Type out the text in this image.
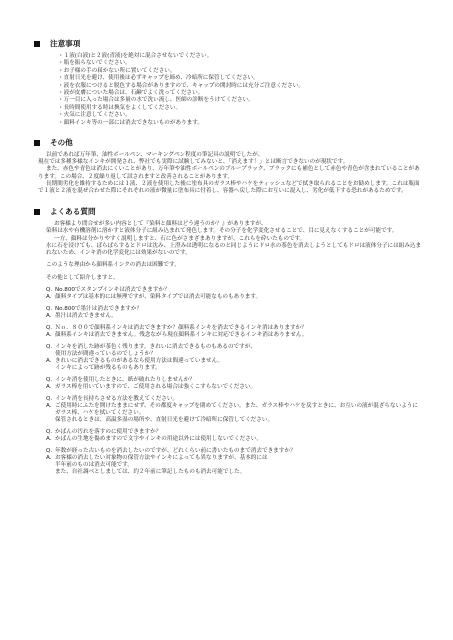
注意事項
・ １液(白液)と２液(青液)を絶対に混合させないでください。
・ 瓶を振らないでください。
・ お子様の手の届かない所に置いてください。
・ 直射日光を避け、使用後は必ずキャップを締め、冷暗所に保管してください。
・ 液を衣服につけると脱色する場合がありますので、キャップの開封時には充分ご注意ください。
・ 液が皮膚についた場合は、石鹸でよく洗ってください。
・ 万一目に入った場合は多量の水で洗い流し、医師の診断をうけてください。
・ 長時間使用する時は換気をよくしてください。
・ 火気に注意してください。
・ 顔料インキ等の一部には消去できないものがあります。
その他

以前であれば万年筆、油性ボールペン、マーキングペン程度の筆記具の説明でしたが、

現在では多種多様なインキが開発され、弊社でも実際に試験してみないと、「消えます！」とは断言できないのが現状です。

また、赤色や青色は消去にくいことがあり、万年筆や油性ボールペンのブルーブラック、ブラックにも補色として赤色や青色が含まれていることがあります。この場合、２度繰り返して試されますと改善されることがあります。

長期間劣化を維持するためには１液、２液を使用した後に塗布具のガラス棒やハケをティッシュなどで拭き取られることをお勧めします。これは瓶面で１液と２液を混ぜ合わせた際にそれぞれの液が微量に塗布具に付着し、容器へ戻した際にお互いに混入し、劣化が低下する恐れがあるためです。

よくある質問

お客様より問合せが多い内容として『染料と顔料はどう違うのか？』がありますが、

染料は水や有機溶剤に溶かすと液体分子に組み込まれて発色します。その分子を化学変化させることで、目に見えなくすることが可能です。

一方、顔料は分かりやすく説明しますと、石に色がさまざまありますが、これらを砕いたものです。

水に石を浸けても、ばらばらするとドロは沈み、上澄みは透明になるのと同じようにドロ水の茶色を消去しようとしてもドロは液体分子には組み込まれないため、インキ消の化学変化には効果がないのです。

このような理由から顔料系インクの消去は困難です。

その他として紹介しますと、

Q． No.800でスタンプインキは消去できますか？
A． 顔料タイプは基本的には無理ですが、染料タイプでは消去可能なものもあります。
Q． No.800で墨汁は消去できますか？
A． 墨汁は消去できません。
Q． Ｎｏ．８００で顔料系インキは消去できますか？顔料系インキを消去できるインキ消はありますか？
A． 顔料系インキは消去できません。残念ながら現在顔料系インキに対応できるインキ消はありません。
Q． インキを消した跡が茶色く残ります。きれいに消去できるものもあるのですが、
使用方法が間違っているのでしょうか？
A． きれいに消去できるものがあるなら使用方法は間違っていません。
インキによって跡が残るものもあります。
Q． インキ消を使用したときに、紙が破れたりしませんか？
A． ガラス棒を用いていますので、ご使用される場合は強くこすらないでください。
Q． インキ消を長持ちさせる方法を教えてください。
A． ご使用時にふたを開けたままにせず、その都度キャップを閉めてください。また、ガラス棒やハケを戻すときに、お互いの液が混ざらないようにガラス棒、ハケを拭いてください。
保管されるときは、高温多湿の場所や、直射日光を避けて冷暗所に保管してください。
Q． かばんの汚れを落すのに使用できますか？
A． かばんの生地を傷めますので文字やインキの用途以外には使用しないでください。
Q． 年数が経った古いものを消去したいのですが、どれくらい前に書いたものまで消去できますか？
A． お客様の消去したい対象物の保管方法やインキによっても異なりますが、基本的には
半年前のものは消去可能です。
また、自社調べとしましては、約２年前に筆記したものも消去可能でした。
